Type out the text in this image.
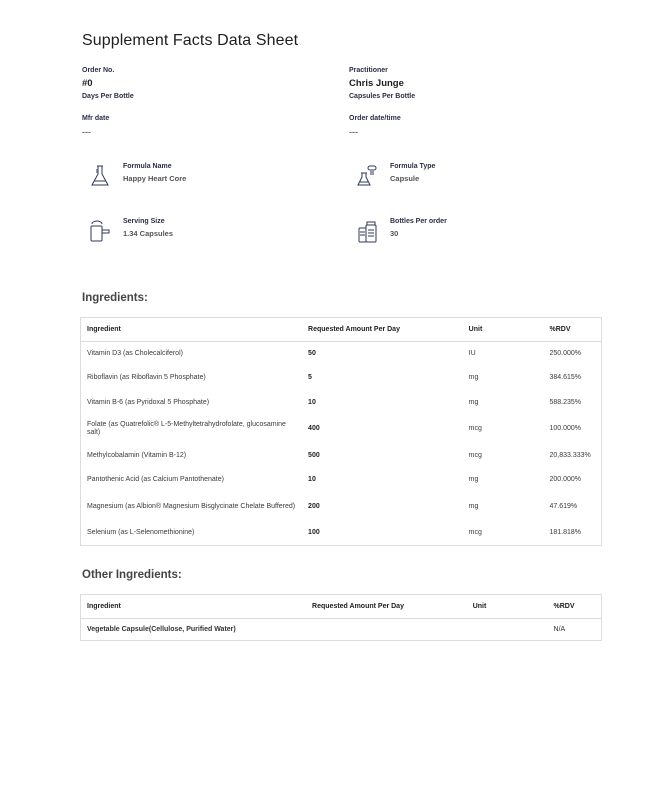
Supplement Facts Data Sheet
Order No.
#0
Days Per Bottle
Mfr date
---
Practitioner
Chris Junge
Capsules Per Bottle
Order date/time
---
Formula Name
Happy Heart Core
Formula Type
Capsule
Serving Size
1.34 Capsules
Bottles Per order
30
Ingredients:
Ingredient	Requested Amount Per Day	Unit	%RDV
Vitamin D3 (as Cholecalciferol)	50	IU	250.000%
Riboflavin (as Riboflavin 5 Phosphate)	5	mg	384.615%
Vitamin B-6 (as Pyridoxal 5 Phosphate)	10	mg	588.235%
Folate (as Quatrefolic® L-5-Methyltetrahydrofolate, glucosamine salt)	400	mcg	100.000%
Methylcobalamin (Vitamin B-12)	500	mcg	20,833.333%
Pantothenic Acid (as Calcium Pantothenate)	10	mg	200.000%
Magnesium (as Albion® Magnesium Bisglycinate Chelate Buffered)	200	mg	47.619%
Selenium (as L-Selenomethionine)	100	mcg	181.818%
Other Ingredients:
Ingredient	Requested Amount Per Day	Unit	%RDV
Vegetable Capsule(Cellulose, Purified Water)			N/A
